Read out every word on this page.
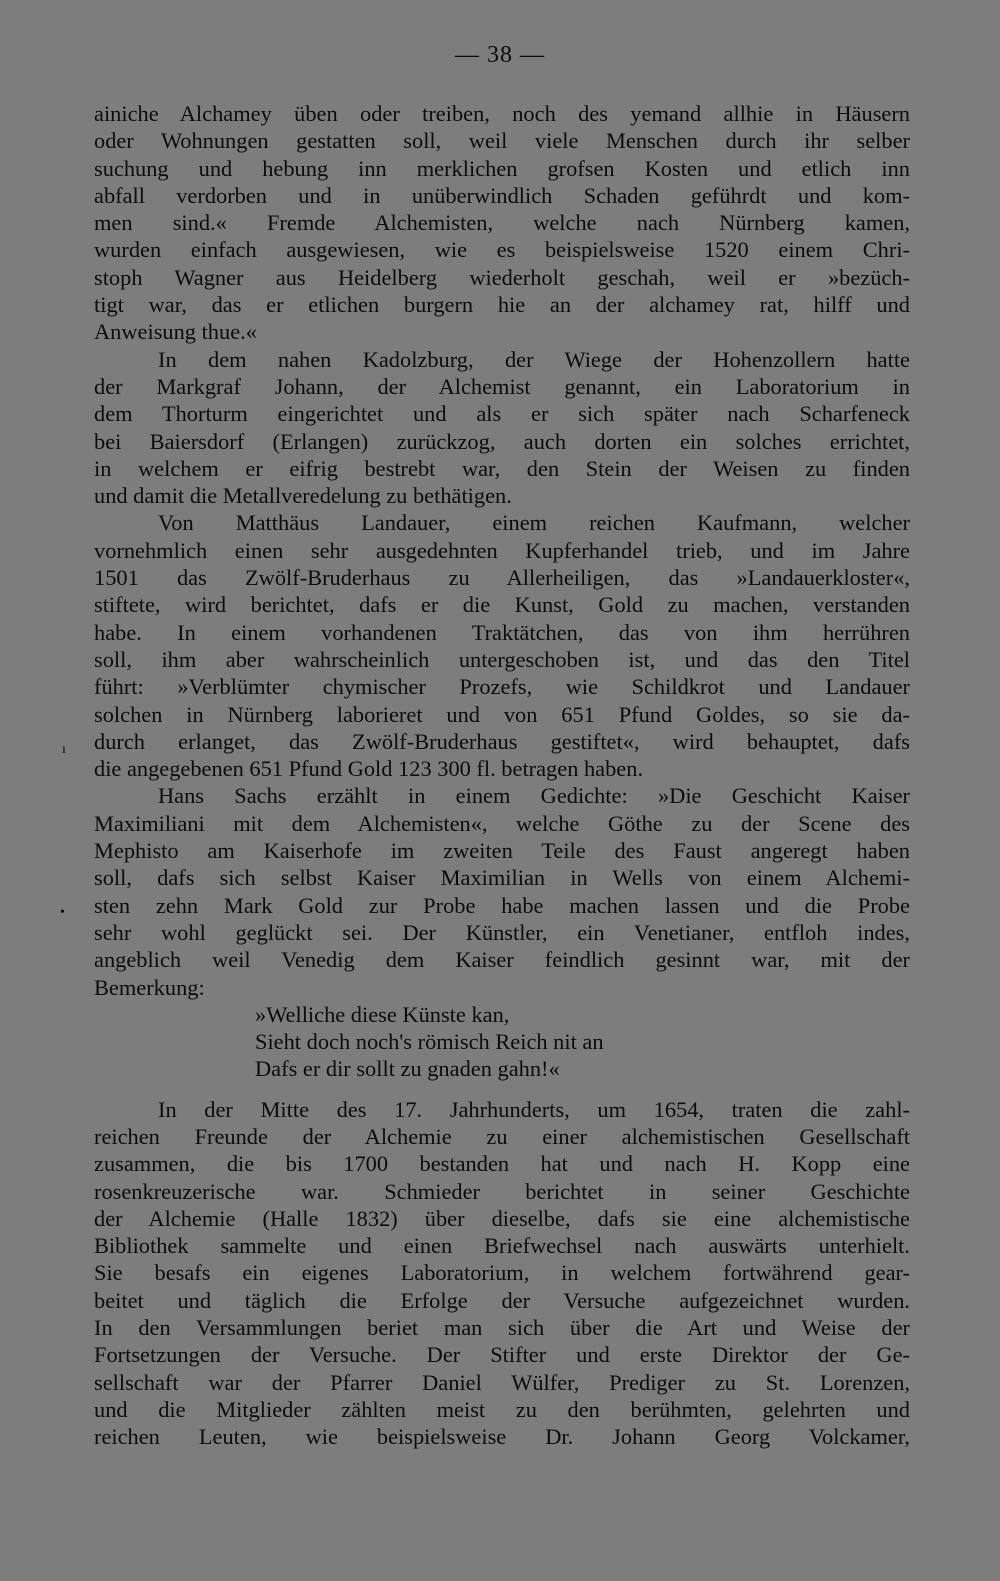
— 38 —
ainiche Alchamey üben oder treiben, noch des yemand allhie in Häusern
oder Wohnungen gestatten soll, weil viele Menschen durch ihr selber
suchung und hebung inn merklichen grofsen Kosten und etlich inn
abfall verdorben und in unüberwindlich Schaden geführdt und kom-
men sind.« Fremde Alchemisten, welche nach Nürnberg kamen,
wurden einfach ausgewiesen, wie es beispielsweise 1520 einem Chri-
stoph Wagner aus Heidelberg wiederholt geschah, weil er »bezüch-
tigt war, das er etlichen burgern hie an der alchamey rat, hilff und
Anweisung thue.«
In dem nahen Kadolzburg, der Wiege der Hohenzollern hatte
der Markgraf Johann, der Alchemist genannt, ein Laboratorium in
dem Thorturm eingerichtet und als er sich später nach Scharfeneck
bei Baiersdorf (Erlangen) zurückzog, auch dorten ein solches errichtet,
in welchem er eifrig bestrebt war, den Stein der Weisen zu finden
und damit die Metallveredelung zu bethätigen.
Von Matthäus Landauer, einem reichen Kaufmann, welcher
vornehmlich einen sehr ausgedehnten Kupferhandel trieb, und im Jahre
1501 das Zwölf-Bruderhaus zu Allerheiligen, das »Landauerkloster«,
stiftete, wird berichtet, dafs er die Kunst, Gold zu machen, verstanden
habe. In einem vorhandenen Traktätchen, das von ihm herrühren
soll, ihm aber wahrscheinlich untergeschoben ist, und das den Titel
führt: »Verblümter chymischer Prozefs, wie Schildkrot und Landauer
solchen in Nürnberg laborieret und von 651 Pfund Goldes, so sie da-
durch erlanget, das Zwölf-Bruderhaus gestiftet«, wird behauptet, dafs
die angegebenen 651 Pfund Gold 123 300 fl. betragen haben.
Hans Sachs erzählt in einem Gedichte: »Die Geschicht Kaiser
Maximiliani mit dem Alchemisten«, welche Göthe zu der Scene des
Mephisto am Kaiserhofe im zweiten Teile des Faust angeregt haben
soll, dafs sich selbst Kaiser Maximilian in Wells von einem Alchemi-
sten zehn Mark Gold zur Probe habe machen lassen und die Probe
sehr wohl geglückt sei. Der Künstler, ein Venetianer, entfloh indes,
angeblich weil Venedig dem Kaiser feindlich gesinnt war, mit der
Bemerkung:
»Welliche diese Künste kan,
Sieht doch noch's römisch Reich nit an
Dafs er dir sollt zu gnaden gahn!«
In der Mitte des 17. Jahrhunderts, um 1654, traten die zahl-
reichen Freunde der Alchemie zu einer alchemistischen Gesellschaft
zusammen, die bis 1700 bestanden hat und nach H. Kopp eine
rosenkreuzerische war. Schmieder berichtet in seiner Geschichte
der Alchemie (Halle 1832) über dieselbe, dafs sie eine alchemistische
Bibliothek sammelte und einen Briefwechsel nach auswärts unterhielt.
Sie besafs ein eigenes Laboratorium, in welchem fortwährend gear-
beitet und täglich die Erfolge der Versuche aufgezeichnet wurden.
In den Versammlungen beriet man sich über die Art und Weise der
Fortsetzungen der Versuche. Der Stifter und erste Direktor der Ge-
sellschaft war der Pfarrer Daniel Wülfer, Prediger zu St. Lorenzen,
und die Mitglieder zählten meist zu den berühmten, gelehrten und
reichen Leuten, wie beispielsweise Dr. Johann Georg Volckamer,
ı
•
